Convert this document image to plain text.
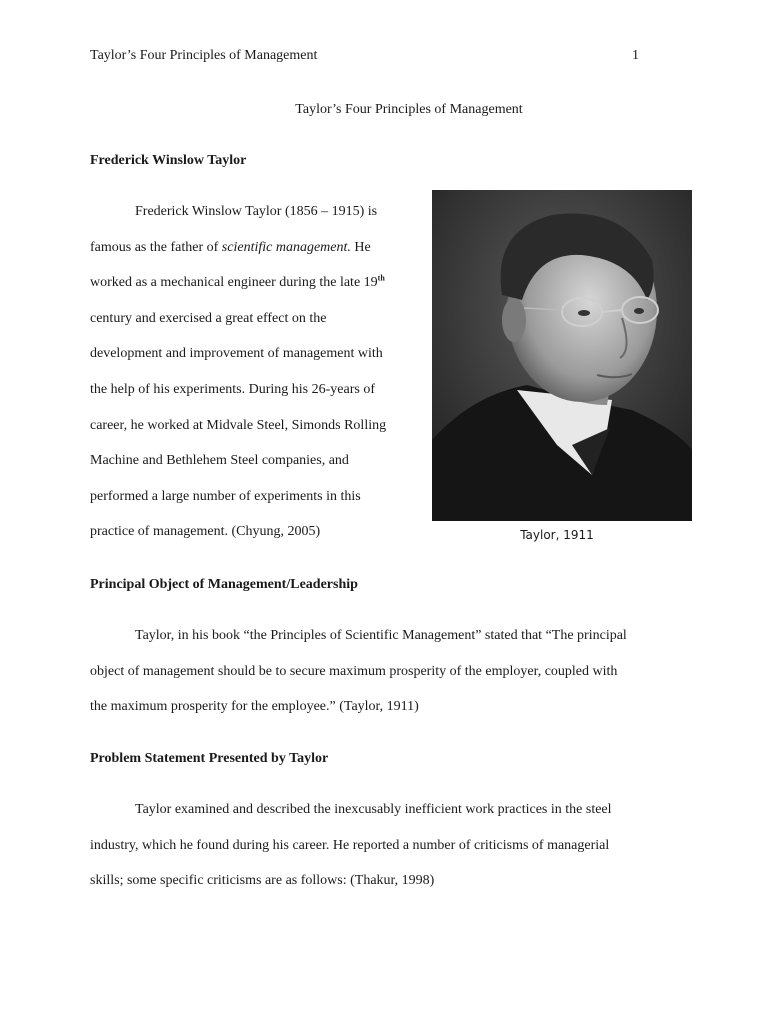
Taylor’s Four Principles of Management	1
Taylor’s Four Principles of Management
Frederick Winslow Taylor

Frederick Winslow Taylor (1856 – 1915) is
famous as the father of scientific management. He
worked as a mechanical engineer during the late 19th
century and exercised a great effect on the
development and improvement of management with
the help of his experiments. During his 26-years of
career, he worked at Midvale Steel, Simonds Rolling
Machine and Bethlehem Steel companies, and
performed a large number of experiments in this
practice of management. (Chyung, 2005)	Taylor, 1911
Principal Object of Management/Leadership

Taylor, in his book “the Principles of Scientific Management” stated that “The principal
object of management should be to secure maximum prosperity of the employer, coupled with
the maximum prosperity for the employee.” (Taylor, 1911)

Problem Statement Presented by Taylor

Taylor examined and described the inexcusably inefficient work practices in the steel
industry, which he found during his career. He reported a number of criticisms of managerial
skills; some specific criticisms are as follows: (Thakur, 1998)
